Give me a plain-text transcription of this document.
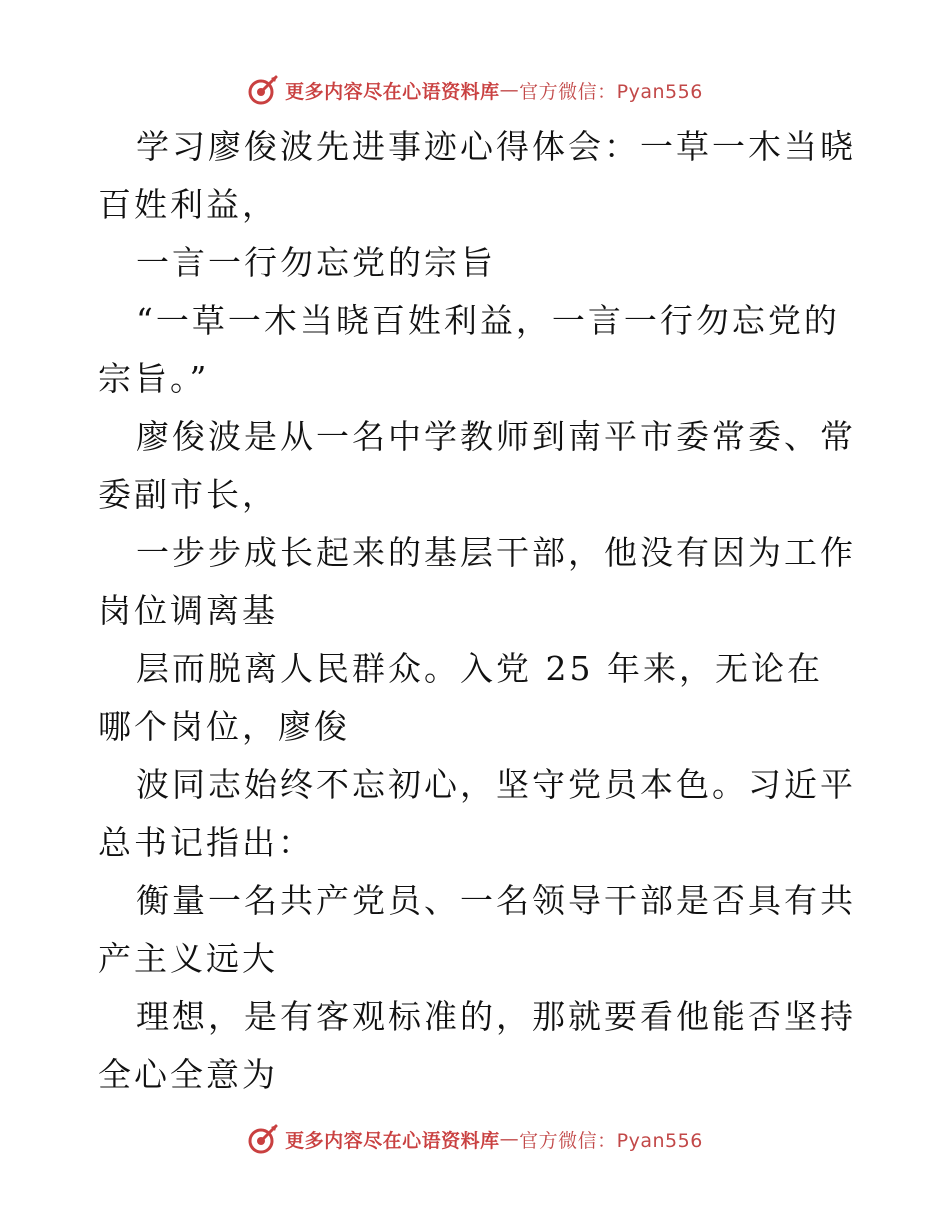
更多内容尽在心语资料库 — 官方微信：Pyan556

学习廖俊波先进事迹心得体会：一草一木当晓百姓利益，

一言一行勿忘党的宗旨

“一草一木当晓百姓利益，一言一行勿忘党的宗旨。”

廖俊波是从一名中学教师到南平市委常委、常委副市长，

一步步成长起来的基层干部，他没有因为工作岗位调离基

层而脱离人民群众。入党 25 年来，无论在哪个岗位，廖俊

波同志始终不忘初心，坚守党员本色。习近平总书记指出：

衡量一名共产党员、一名领导干部是否具有共产主义远大

理想，是有客观标准的，那就要看他能否坚持全心全意为

更多内容尽在心语资料库 — 官方微信：Pyan556
